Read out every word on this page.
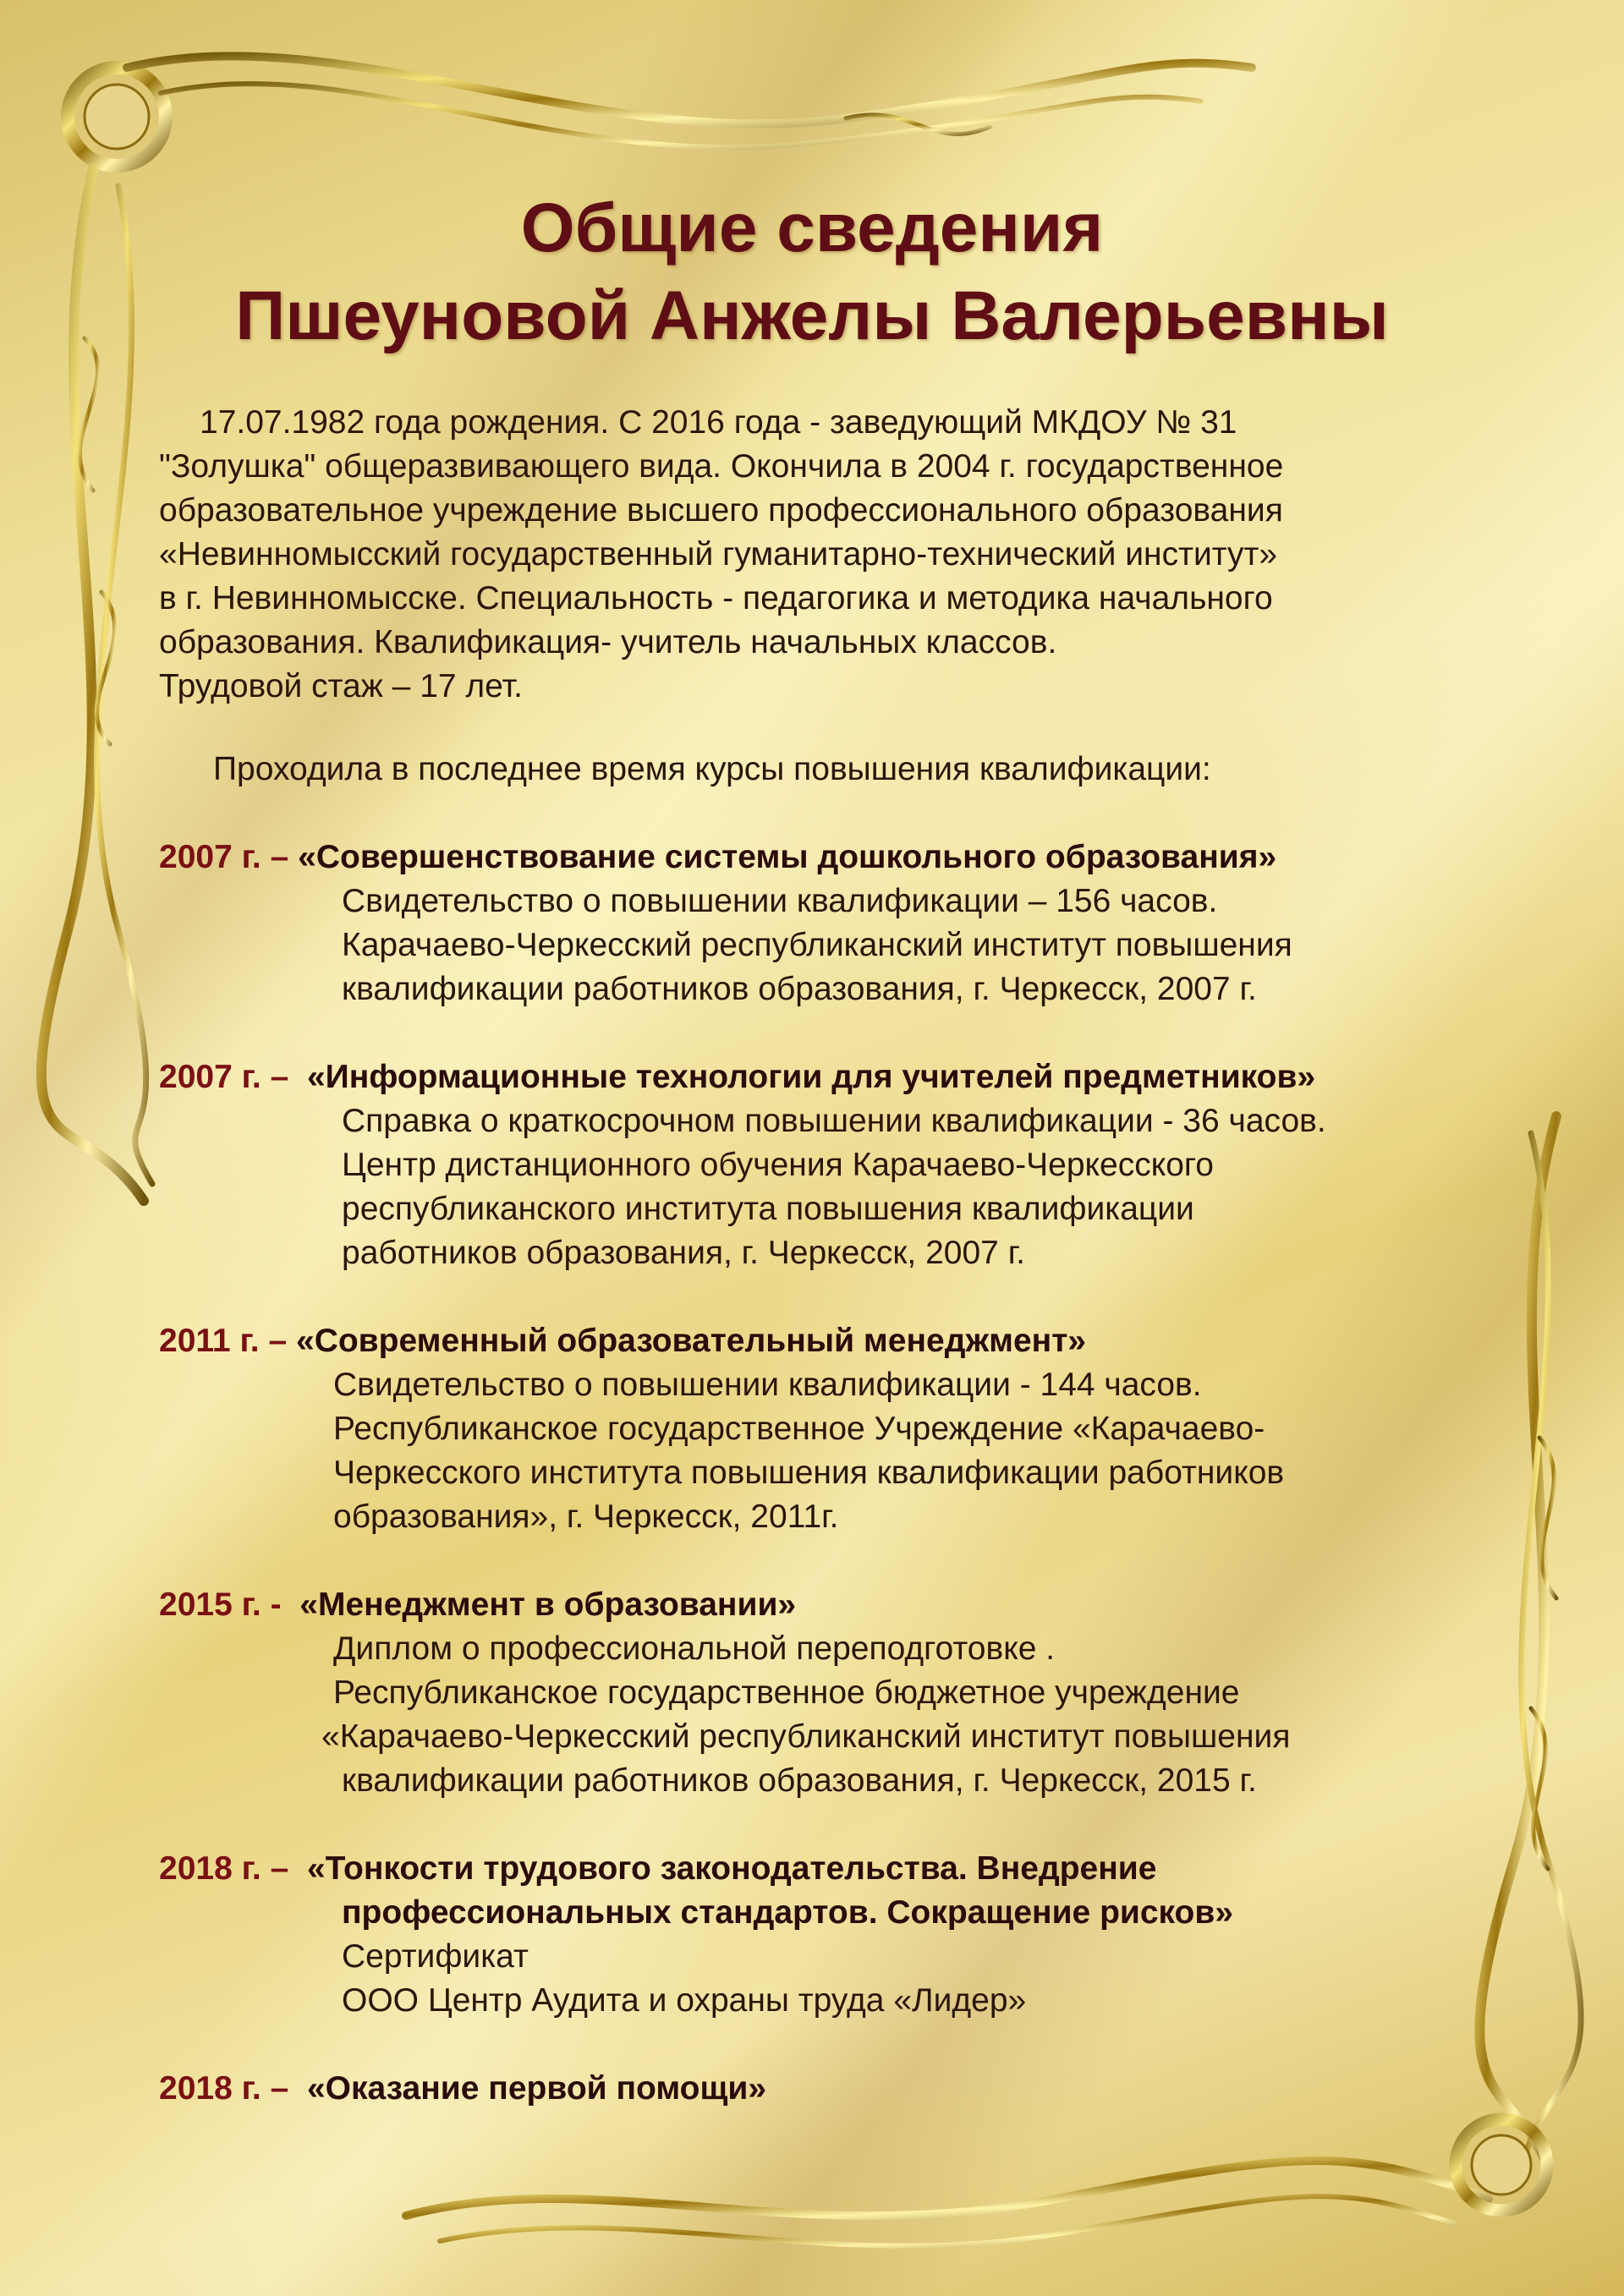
Общие сведения
Пшеуновой Анжелы Валерьевны

17.07.1982 года рождения. С 2016 года - заведующий МКДОУ № 31

"Золушка" общеразвивающего вида. Окончила в 2004 г. государственное

образовательное учреждение высшего профессионального образования

«Невинномысский государственный гуманитарно-технический институт»

в г. Невинномысске. Специальность - педагогика и методика начального

образования. Квалификация- учитель начальных классов.

Трудовой стаж – 17 лет.

Проходила в последнее время курсы повышения квалификации:

2007 г. – «Совершенствование системы дошкольного образования»

Свидетельство о повышении квалификации – 156 часов.

Карачаево-Черкесский республиканский институт повышения

квалификации работников образования, г. Черкесск, 2007 г.

2007 г. – «Информационные технологии для учителей предметников»

Справка о краткосрочном повышении квалификации - 36 часов.

Центр дистанционного обучения Карачаево-Черкесского

республиканского института повышения квалификации

работников образования, г. Черкесск, 2007 г.

2011 г. – «Современный образовательный менеджмент»

Свидетельство о повышении квалификации - 144 часов.

Республиканское государственное Учреждение «Карачаево-

Черкесского института повышения квалификации работников

образования», г. Черкесск, 2011г.

2015 г. - «Менеджмент в образовании»

Диплом о профессиональной переподготовке .

Республиканское государственное бюджетное учреждение

«Карачаево-Черкесский республиканский институт повышения

квалификации работников образования, г. Черкесск, 2015 г.

2018 г. – «Тонкости трудового законодательства. Внедрение

профессиональных стандартов. Сокращение рисков»

Сертификат

ООО Центр Аудита и охраны труда «Лидер»

2018 г. – «Оказание первой помощи»
